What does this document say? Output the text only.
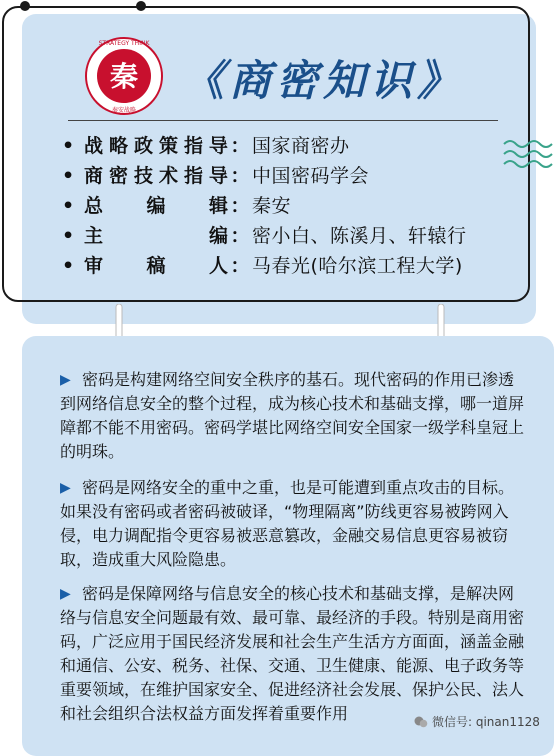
秦
STRATEGY THINK
秦安战略
《商密知识》
• 战 略 政 策 指 导 ： 国家商密办
• 商 密 技 术 指 导 ： 中国密码学会
• 总 编 辑 ： 秦安
• 主	编 ： 密小白、陈溪月、轩辕行
• 审 稿 人 ： 马春光(哈尔滨工程大学)

▶ 密码是构建网络空间安全秩序的基石。现代密码的作用已渗透到网络信息安全的整个过程，成为核心技术和基础支撑，哪一道屏障都不能不用密码。密码学堪比网络空间安全国家一级学科皇冠上的明珠。

▶ 密码是网络安全的重中之重，也是可能遭到重点攻击的目标。如果没有密码或者密码被破译，“物理隔离”防线更容易被跨网入侵，电力调配指令更容易被恶意篡改，金融交易信息更容易被窃取，造成重大风险隐患。

▶ 密码是保障网络与信息安全的核心技术和基础支撑，是解决网络与信息安全问题最有效、最可靠、最经济的手段。特别是商用密码，广泛应用于国民经济发展和社会生产生活方方面面，涵盖金融和通信、公安、税务、社保、交通、卫生健康、能源、电子政务等重要领域，在维护国家安全、促进经济社会发展、保护公民、法人和社会组织合法权益方面发挥着重要作用	微信号: qinan1128
